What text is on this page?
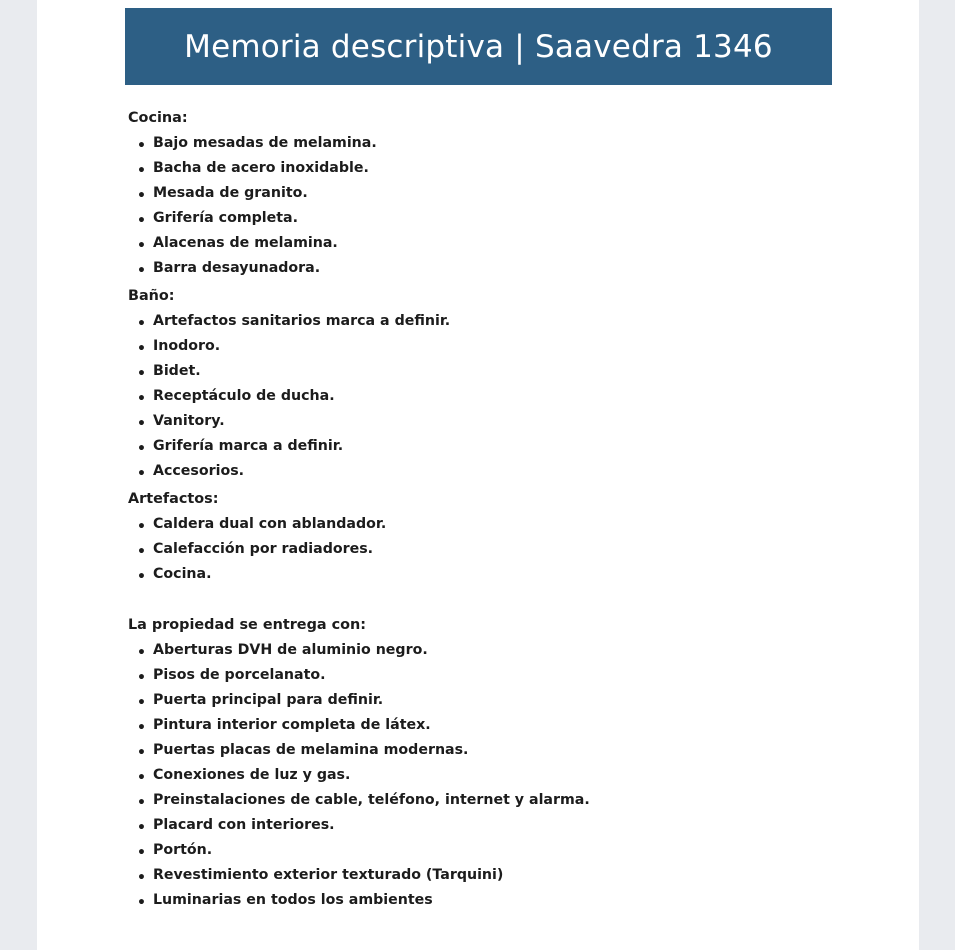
Memoria descriptiva | Saavedra 1346

Cocina:

• Bajo mesadas de melamina.
• Bacha de acero inoxidable.
• Mesada de granito.
• Grifería completa.
• Alacenas de melamina.
• Barra desayunadora.

Baño:

• Artefactos sanitarios marca a definir.
• Inodoro.
• Bidet.
• Receptáculo de ducha.
• Vanitory.
• Grifería marca a definir.
• Accesorios.

Artefactos:

• Caldera dual con ablandador.
• Calefacción por radiadores.
• Cocina.

La propiedad se entrega con:

• Aberturas DVH de aluminio negro.
• Pisos de porcelanato.
• Puerta principal para definir.
• Pintura interior completa de látex.
• Puertas placas de melamina modernas.
• Conexiones de luz y gas.
• Preinstalaciones de cable, teléfono, internet y alarma.
• Placard con interiores.
• Portón.
• Revestimiento exterior texturado (Tarquini)
• Luminarias en todos los ambientes
